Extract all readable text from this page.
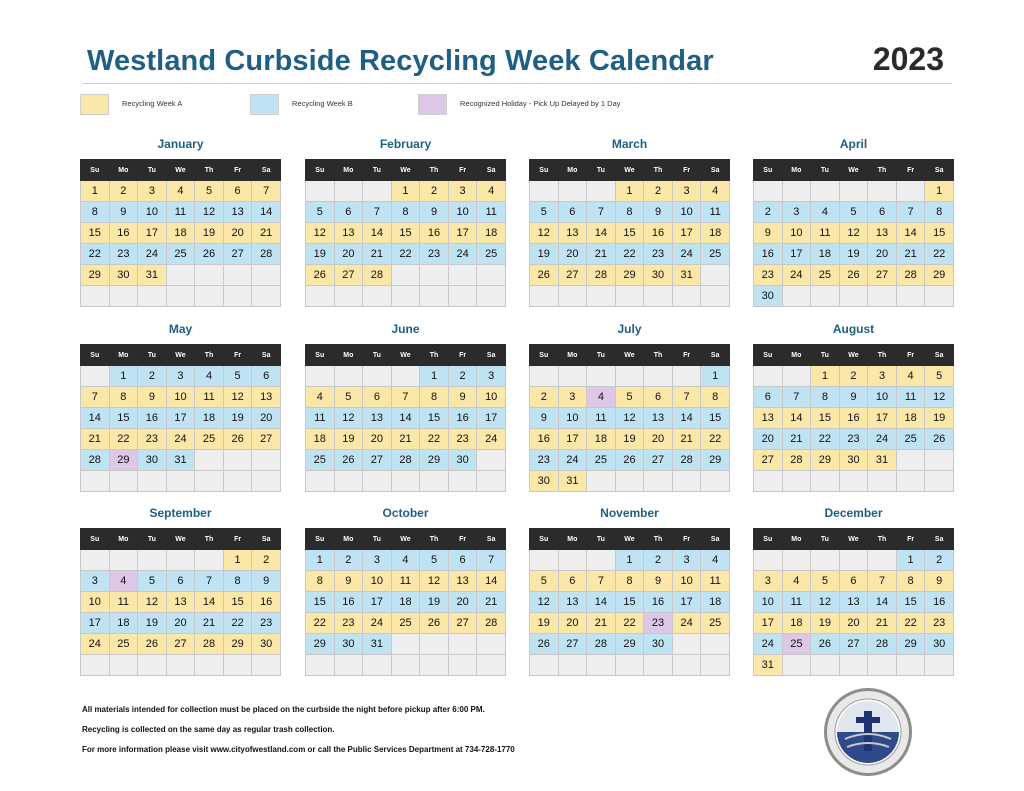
Westland Curbside Recycling Week Calendar	2023
Recycling Week A	Recycling Week B	Recognized Holiday - Pick Up Delayed by 1 Day
January
Su	Mo	Tu	We	Th	Fr	Sa
1	2	3	4	5	6	7
8	9	10	11	12	13	14
15	16	17	18	19	20	21
22	23	24	25	26	27	28
29	30	31				

February
Su	Mo	Tu	We	Th	Fr	Sa
			1	2	3	4
5	6	7	8	9	10	11
12	13	14	15	16	17	18
19	20	21	22	23	24	25
26	27	28				

March
Su	Mo	Tu	We	Th	Fr	Sa
			1	2	3	4
5	6	7	8	9	10	11
12	13	14	15	16	17	18
19	20	21	22	23	24	25
26	27	28	29	30	31	

April
Su	Mo	Tu	We	Th	Fr	Sa
						1
2	3	4	5	6	7	8
9	10	11	12	13	14	15
16	17	18	19	20	21	22
23	24	25	26	27	28	29
30						
May
Su	Mo	Tu	We	Th	Fr	Sa
	1	2	3	4	5	6
7	8	9	10	11	12	13
14	15	16	17	18	19	20
21	22	23	24	25	26	27
28	29	30	31			

June
Su	Mo	Tu	We	Th	Fr	Sa
				1	2	3
4	5	6	7	8	9	10
11	12	13	14	15	16	17
18	19	20	21	22	23	24
25	26	27	28	29	30	

July
Su	Mo	Tu	We	Th	Fr	Sa
						1
2	3	4	5	6	7	8
9	10	11	12	13	14	15
16	17	18	19	20	21	22
23	24	25	26	27	28	29
30	31					
August
Su	Mo	Tu	We	Th	Fr	Sa
		1	2	3	4	5
6	7	8	9	10	11	12
13	14	15	16	17	18	19
20	21	22	23	24	25	26
27	28	29	30	31		

September
Su	Mo	Tu	We	Th	Fr	Sa
					1	2
3	4	5	6	7	8	9
10	11	12	13	14	15	16
17	18	19	20	21	22	23
24	25	26	27	28	29	30

October
Su	Mo	Tu	We	Th	Fr	Sa
1	2	3	4	5	6	7
8	9	10	11	12	13	14
15	16	17	18	19	20	21
22	23	24	25	26	27	28
29	30	31				

November
Su	Mo	Tu	We	Th	Fr	Sa
			1	2	3	4
5	6	7	8	9	10	11
12	13	14	15	16	17	18
19	20	21	22	23	24	25
26	27	28	29	30		

December
Su	Mo	Tu	We	Th	Fr	Sa
					1	2
3	4	5	6	7	8	9
10	11	12	13	14	15	16
17	18	19	20	21	22	23
24	25	26	27	28	29	30
31						
All materials intended for collection must be placed on the curbside the night before pickup after 6:00 PM.
Recycling is collected on the same day as regular trash collection.
For more information please visit www.cityofwestland.com or call the Public Services Department at 734-728-1770
